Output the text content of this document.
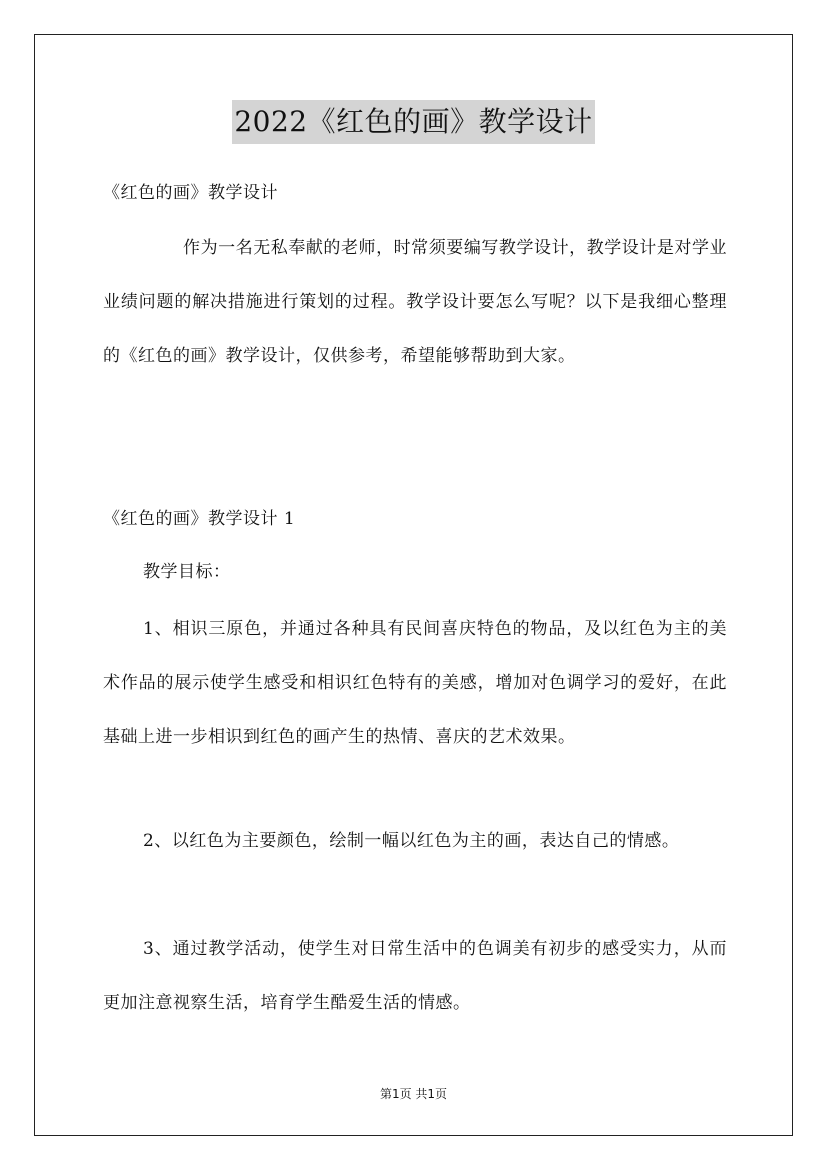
2022《红色的画》教学设计

《红色的画》教学设计

作为一名无私奉献的老师，时常须要编写教学设计，教学设计是对学业业绩问题的解决措施进行策划的过程。教学设计要怎么写呢？以下是我细心整理的《红色的画》教学设计，仅供参考，希望能够帮助到大家。

《红色的画》教学设计 1

教学目标：

1、相识三原色，并通过各种具有民间喜庆特色的物品，及以红色为主的美术作品的展示使学生感受和相识红色特有的美感，增加对色调学习的爱好，在此基础上进一步相识到红色的画产生的热情、喜庆的艺术效果。

2、以红色为主要颜色，绘制一幅以红色为主的画，表达自己的情感。

3、通过教学活动，使学生对日常生活中的色调美有初步的感受实力，从而更加注意视察生活，培育学生酷爱生活的情感。

第1页 共1页
